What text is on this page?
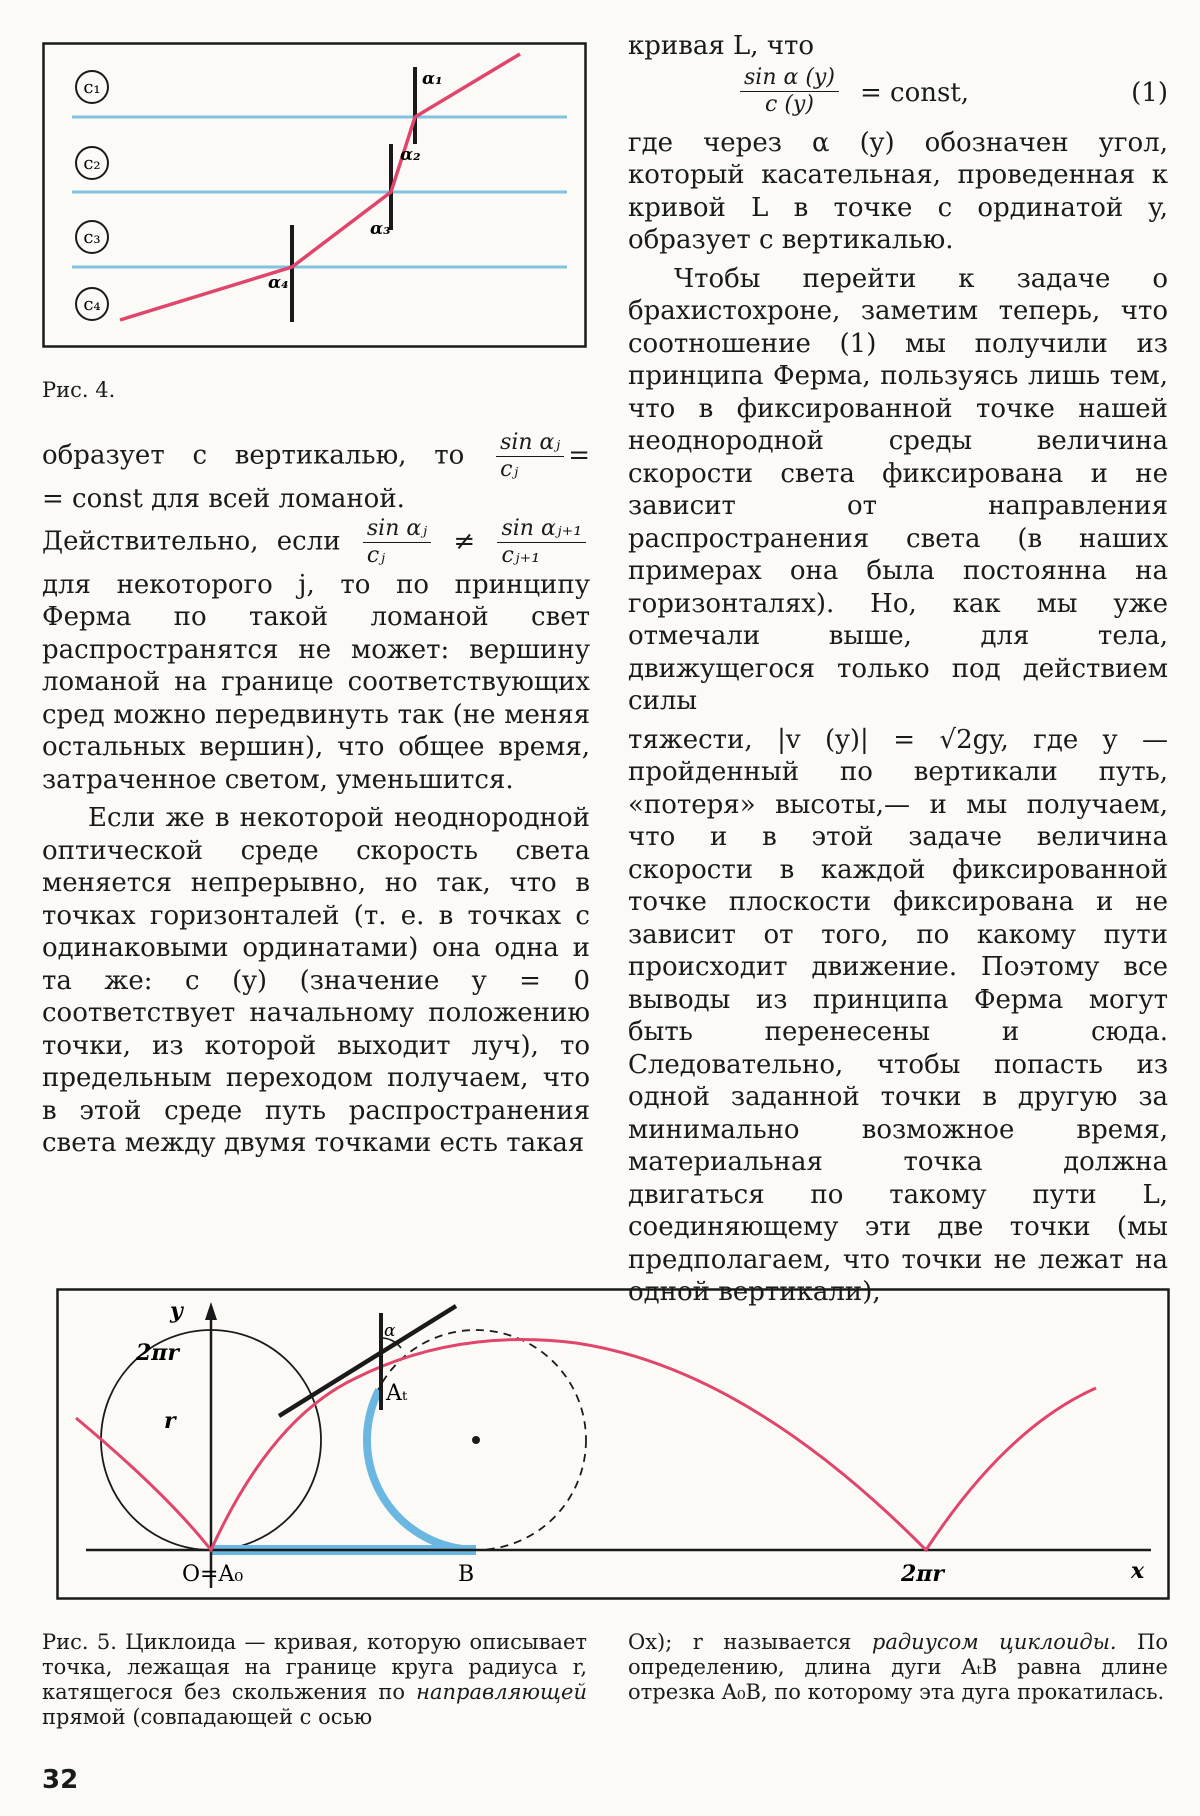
c₁
c₂
c₃
c₄
α₁
α₂
α₃
α₄
Рис. 4.

образует с вертикалью, то $\frac{\text{sin αⱼ}}{\text{cⱼ}}$ =

= const для всей ломаной.

Действительно, если $\frac{\text{sin αⱼ}}{\text{cⱼ}} \ne \frac{\text{sin αⱼ₊₁}}{\text{cⱼ₊₁}}$

для некоторого j, то по принципу Ферма по такой ломаной свет распространятся не может: вершину ломаной на границе соответствующих сред можно передвинуть так (не меняя остальных вершин), что общее время, затраченное светом, уменьшится.

Если же в некоторой неоднородной оптической среде скорость света меняется непрерывно, но так, что в точках горизонталей (т. е. в точках с одинаковыми ординатами) она одна и та же: c (y) (значение y = 0 соответствует начальному положению точки, из которой выходит луч), то предельным переходом получаем, что в этой среде путь распространения света между двумя точками есть такая

кривая L, что

$\frac{\text{sin α (y)}}{c (y)}$ = const,	(1)

где через α (y) обозначен угол, который касательная, проведенная к кривой L в точке с ординатой y, образует с вертикалью.

Чтобы перейти к задаче о брахистохроне, заметим теперь, что соотношение (1) мы получили из принципа Ферма, пользуясь лишь тем, что в фиксированной точке нашей неоднородной среды величина скорости света фиксирована и не зависит от направления распространения света (в наших примерах она была постоянна на горизонталях). Но, как мы уже отмечали выше, для тела, движущегося только под действием силы

тяжести, |v (y)| = √2gy, где y — пройденный по вертикали путь, «потеря» высоты,— и мы получаем, что и в этой задаче величина скорости в каждой фиксированной точке плоскости фиксирована и не зависит от того, по какому пути происходит движение. Поэтому все выводы из принципа Ферма могут быть перенесены и сюда. Следовательно, чтобы попасть из одной заданной точки в другую за минимально возможное время, материальная точка должна двигаться по такому пути L, соединяющему эти две точки (мы предполагаем, что точки не лежат на одной вертикали),

y
2πr
r
O=A₀	B
Aₜ
α
2πr	x
Рис. 5. Циклоида — кривая, которую описывает точка, лежащая на границе круга радиуса r, катящегося без скольжения по направляющей прямой (совпадающей с осью
Ox); r называется радиусом циклоиды. По определению, длина дуги AₜB равна длине отрезка A₀B, по которому эта дуга прокатилась.
32
